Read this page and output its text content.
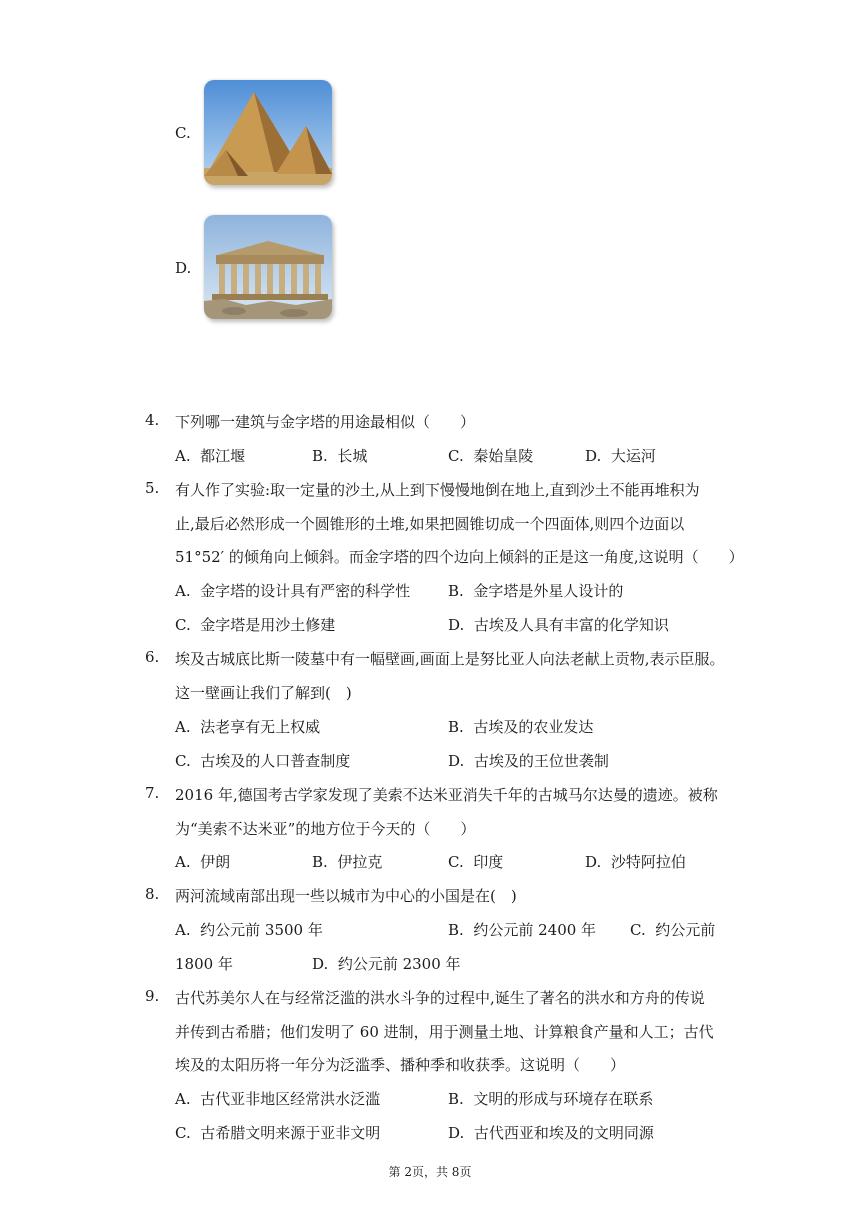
C.
D.
4. 下列哪一建筑与金字塔的用途最相似（　　）
A. 都江堰	B. 长城	C. 秦始皇陵	D. 大运河
5. 有人作了实验:取一定量的沙土,从上到下慢慢地倒在地上,直到沙土不能再堆积为
止,最后必然形成一个圆锥形的土堆,如果把圆锥切成一个四面体,则四个边面以
51°52′ 的倾角向上倾斜。而金字塔的四个边向上倾斜的正是这一角度,这说明（　　）
A. 金字塔的设计具有严密的科学性	B. 金字塔是外星人设计的
C. 金字塔是用沙土修建	D. 古埃及人具有丰富的化学知识
6. 埃及古城底比斯一陵墓中有一幅壁画,画面上是努比亚人向法老献上贡物,表示臣服。
这一壁画让我们了解到(　)
A. 法老享有无上权威	B. 古埃及的农业发达
C. 古埃及的人口普查制度	D. 古埃及的王位世袭制
7. 2016 年,德国考古学家发现了美索不达米亚消失千年的古城马尔达曼的遗迹。被称
为“美索不达米亚”的地方位于今天的（　　）
A. 伊朗	B. 伊拉克	C. 印度	D. 沙特阿拉伯
8. 两河流域南部出现一些以城市为中心的小国是在(　)
A. 约公元前 3500 年	B. 约公元前 2400 年 C. 约公元前
1800 年	D. 约公元前 2300 年
9. 古代苏美尔人在与经常泛滥的洪水斗争的过程中,诞生了著名的洪水和方舟的传说
并传到古希腊；他们发明了 60 进制，用于测量土地、计算粮食产量和人工；古代
埃及的太阳历将一年分为泛滥季、播种季和收获季。这说明（　　）
A. 古代亚非地区经常洪水泛滥	B. 文明的形成与环境存在联系
C. 古希腊文明来源于亚非文明	D. 古代西亚和埃及的文明同源
第 2页，共 8页
